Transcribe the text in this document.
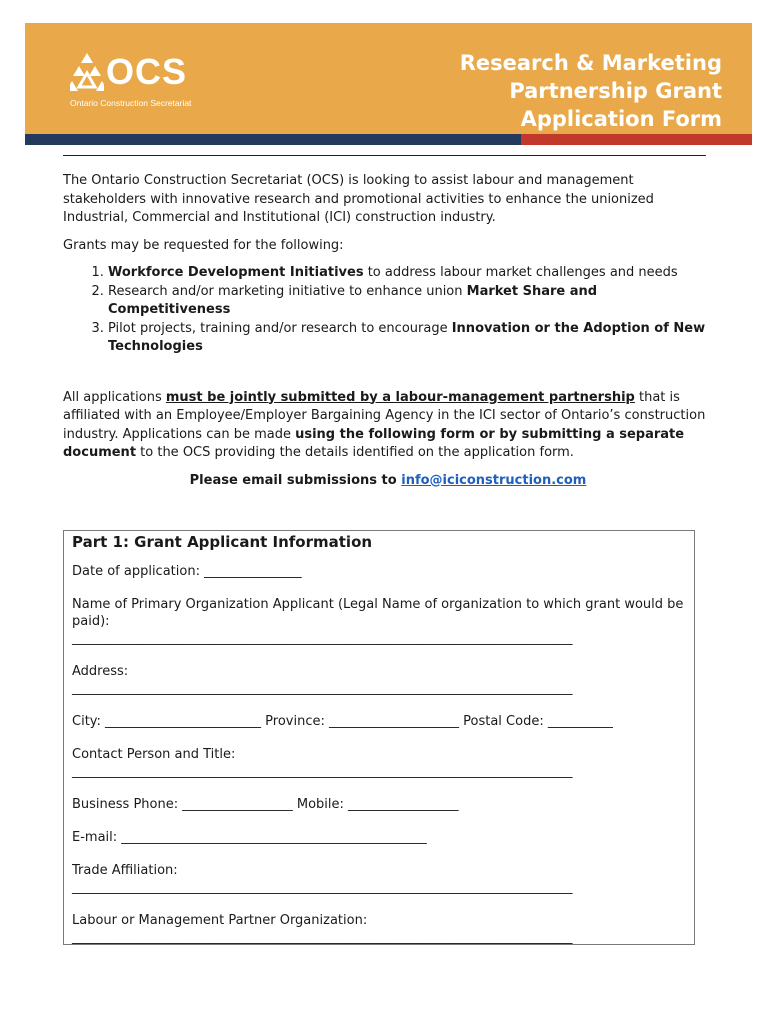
OCS
Ontario Construction Secretariat
Research & Marketing
Partnership Grant
Application Form

The Ontario Construction Secretariat (OCS) is looking to assist labour and management stakeholders with innovative research and promotional activities to enhance the unionized Industrial, Commercial and Institutional (ICI) construction industry.

Grants may be requested for the following:

1. Workforce Development Initiatives to address labour market challenges and needs
2. Research and/or marketing initiative to enhance union Market Share and Competitiveness
3. Pilot projects, training and/or research to encourage Innovation or the Adoption of New Technologies

All applications must be jointly submitted by a labour-management partnership that is affiliated with an Employee/Employer Bargaining Agency in the ICI sector of Ontario’s construction industry. Applications can be made using the following form or by submitting a separate document to the OCS providing the details identified on the application form.

Please email submissions to info@iciconstruction.com

Part 1: Grant Applicant Information
Date of application: _______________
Name of Primary Organization Applicant (Legal Name of organization to which grant would be paid):
_____________________________________________________________________________
Address:
_____________________________________________________________________________
City: ________________________ Province: ____________________ Postal Code: __________
Contact Person and Title:
_____________________________________________________________________________
Business Phone: _________________ Mobile: _________________
E-mail: _______________________________________________
Trade Affiliation:
_____________________________________________________________________________
Labour or Management Partner Organization:
_____________________________________________________________________________
